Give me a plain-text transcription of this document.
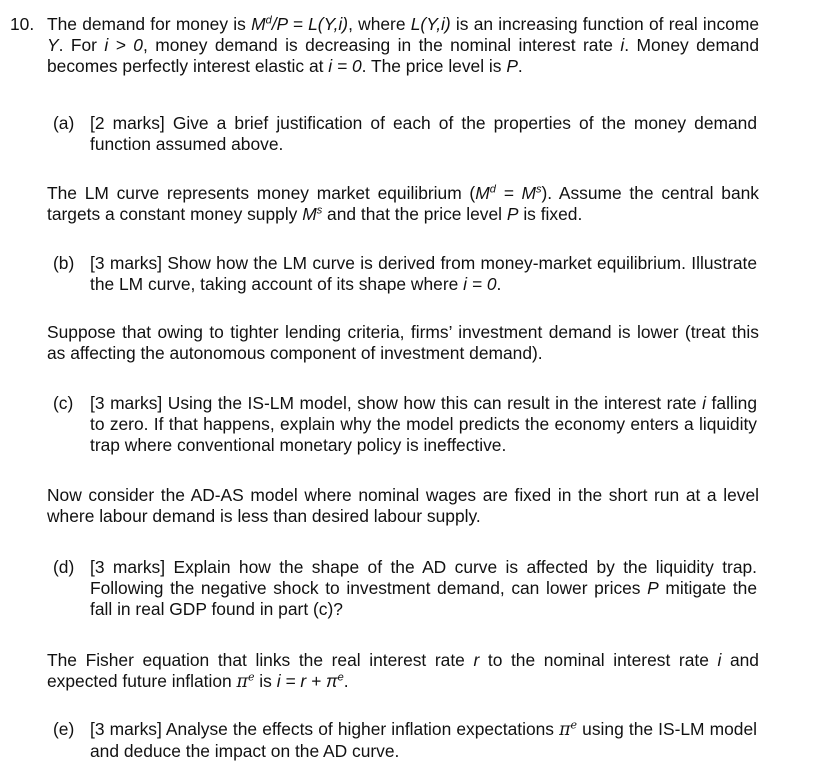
10. The demand for money is $M^d/P = L(Y,i)$, where L(Y,i) is an increasing function of real income Y. For i > 0, money demand is decreasing in the nominal interest rate i. Money demand becomes perfectly interest elastic at i = 0. The price level is P.
(a) [2 marks] Give a brief justification of each of the properties of the money demand function assumed above.
The LM curve represents money market equilibrium $(M^d = M^s)$. Assume the central bank targets a constant money supply $M^s$ and that the price level P is fixed.
(b) [3 marks] Show how the LM curve is derived from money-market equilibrium. Illustrate the LM curve, taking account of its shape where i = 0.
Suppose that owing to tighter lending criteria, firms’ investment demand is lower (treat this as affecting the autonomous component of investment demand).
(c) [3 marks] Using the IS-LM model, show how this can result in the interest rate i falling to zero. If that happens, explain why the model predicts the economy enters a liquidity trap where conventional monetary policy is ineffective.
Now consider the AD-AS model where nominal wages are fixed in the short run at a level where labour demand is less than desired labour supply.
(d) [3 marks] Explain how the shape of the AD curve is affected by the liquidity trap. Following the negative shock to investment demand, can lower prices P mitigate the fall in real GDP found in part (c)?
The Fisher equation that links the real interest rate r to the nominal interest rate i and expected future inflation $\pi^e$ is $i = r + \pi^e$.
(e) [3 marks] Analyse the effects of higher inflation expectations $\pi^e$ using the IS-LM model and deduce the impact on the AD curve.
